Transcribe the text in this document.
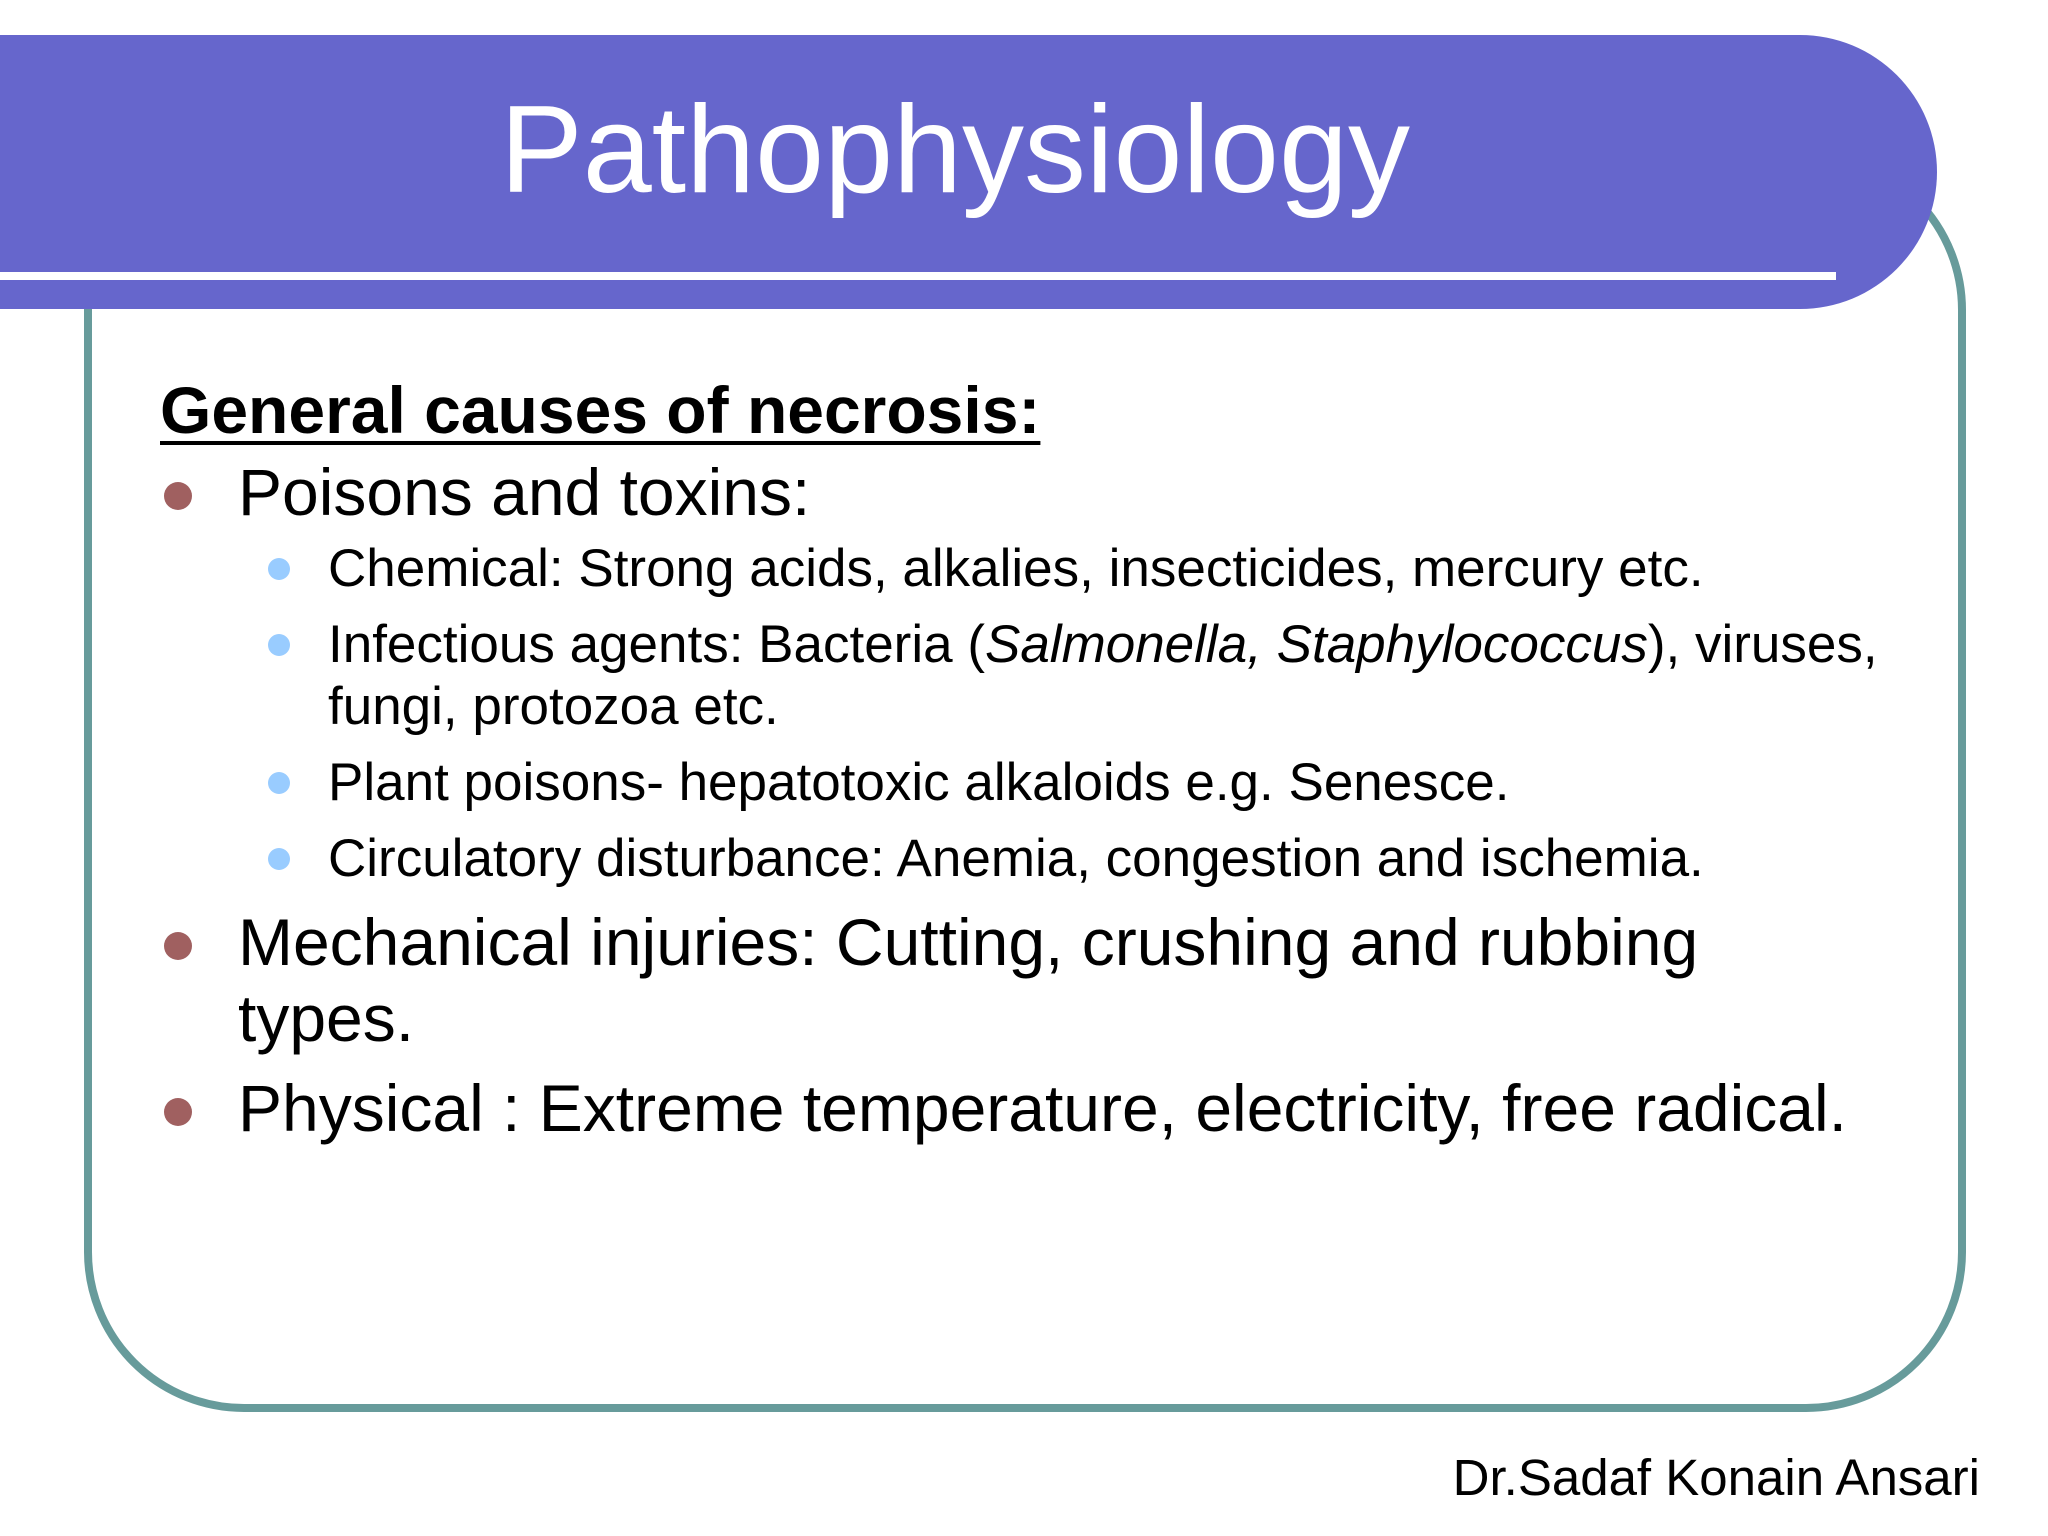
Pathophysiology
General causes of necrosis:
Poisons and toxins:
Chemical: Strong acids, alkalies, insecticides, mercury etc.
Infectious agents: Bacteria (Salmonella, Staphylococcus), viruses, fungi, protozoa etc.
Plant poisons- hepatotoxic alkaloids e.g. Senesce.
Circulatory disturbance: Anemia, congestion and ischemia.
Mechanical injuries: Cutting, crushing and rubbing types.
Physical : Extreme temperature, electricity, free radical.
Dr.Sadaf Konain Ansari
